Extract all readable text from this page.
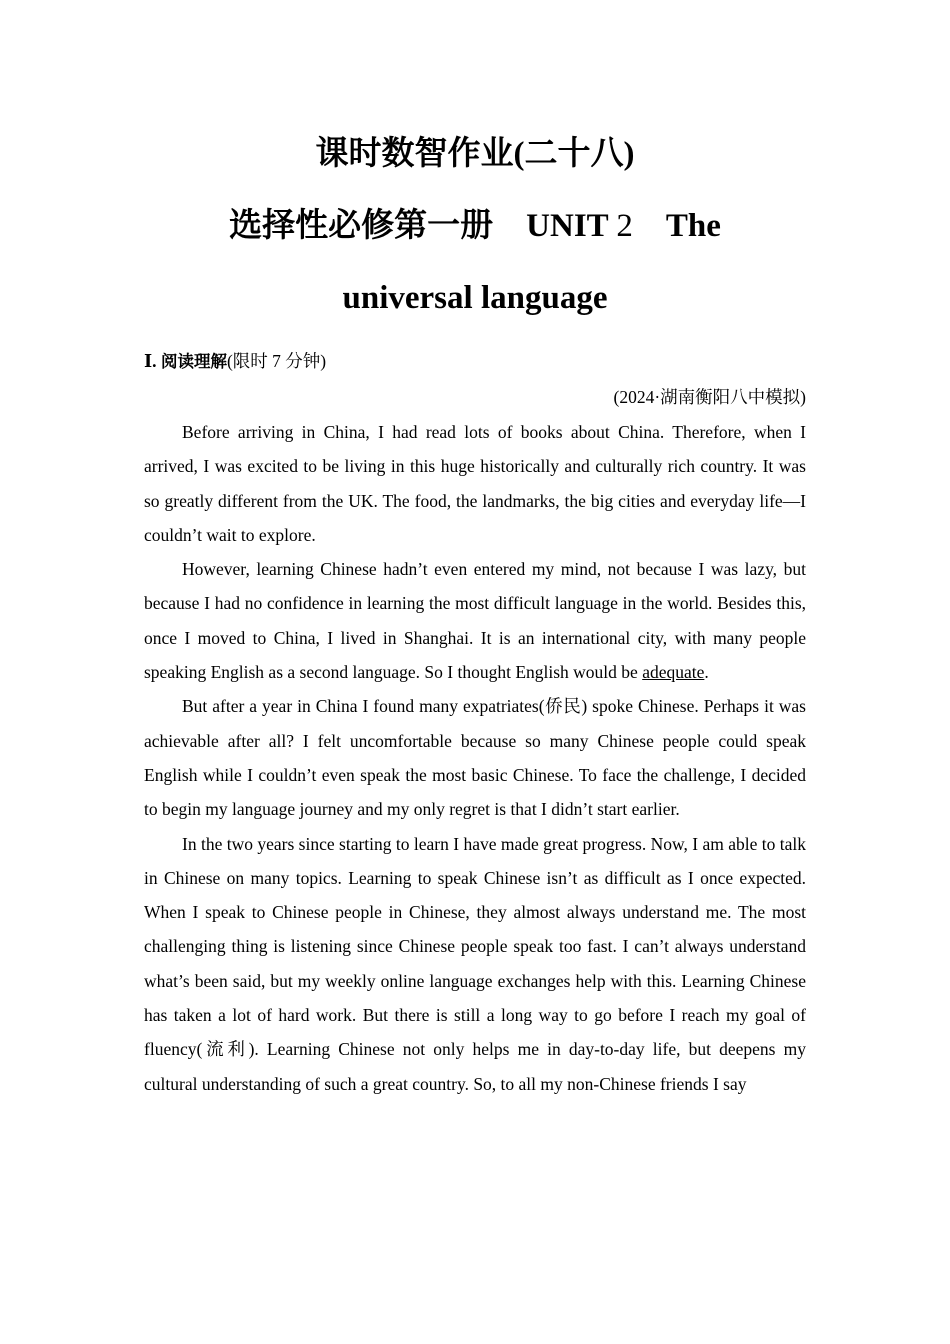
课时数智作业(二十八)
选择性必修第一册 UNIT 2 The
universal language
Ⅰ. 阅读理解(限时 7 分钟)
(2024·湖南衡阳八中模拟)

Before arriving in China, I had read lots of books about China. Therefore, when I arrived, I was excited to be living in this huge historically and culturally rich country. It was so greatly different from the UK. The food, the landmarks, the big cities and everyday life—I couldn’t wait to explore.

However, learning Chinese hadn’t even entered my mind, not because I was lazy, but because I had no confidence in learning the most difficult language in the world. Besides this, once I moved to China, I lived in Shanghai. It is an international city, with many people speaking English as a second language. So I thought English would be adequate.

But after a year in China I found many expatriates(侨民) spoke Chinese. Perhaps it was achievable after all? I felt uncomfortable because so many Chinese people could speak English while I couldn’t even speak the most basic Chinese. To face the challenge, I decided to begin my language journey and my only regret is that I didn’t start earlier.

In the two years since starting to learn I have made great progress. Now, I am able to talk in Chinese on many topics. Learning to speak Chinese isn’t as difficult as I once expected. When I speak to Chinese people in Chinese, they almost always understand me. The most challenging thing is listening since Chinese people speak too fast. I can’t always understand what’s been said, but my weekly online language exchanges help with this. Learning Chinese has taken a lot of hard work. But there is still a long way to go before I reach my goal of fluency(流利). Learning Chinese not only helps me in day-to-day life, but deepens my cultural understanding of such a great country. So, to all my non-Chinese friends I say
